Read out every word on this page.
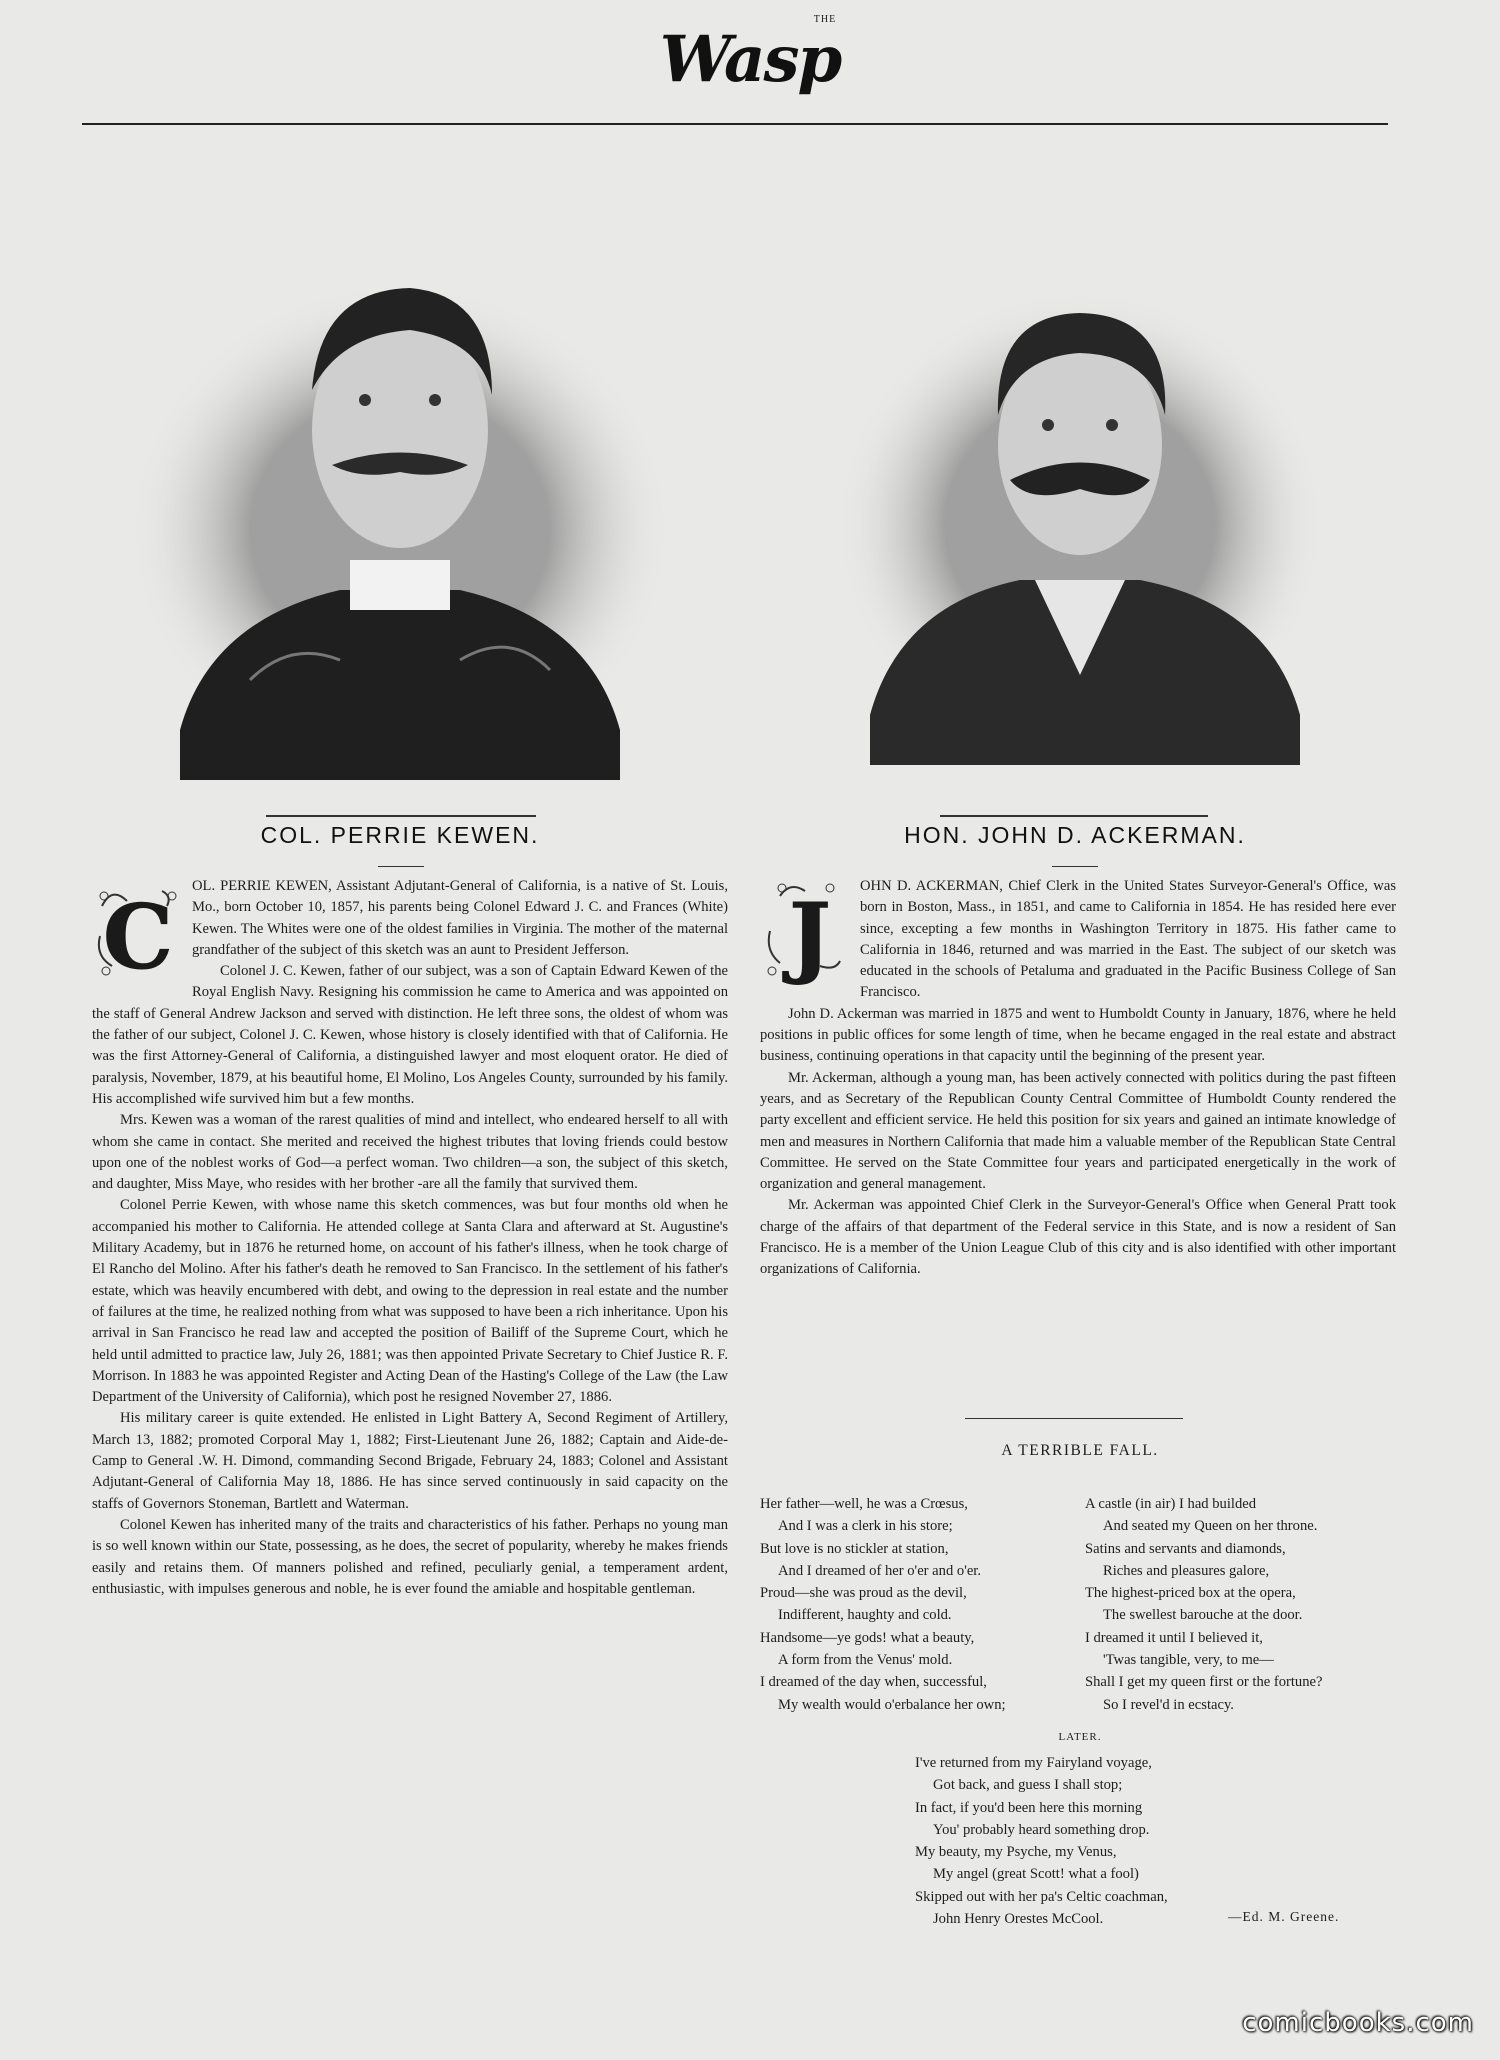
THE
Wasp
COL. PERRIE KEWEN.	HON. JOHN D. ACKERMAN.
C	OL. PERRIE KEWEN, Assistant Adjutant-General of California, is a native of St. Louis, Mo., born October 10, 1857, his parents being Colonel Edward J. C. and Frances (White) Kewen. The Whites were one of the oldest families in Virginia. The mother of the maternal grandfather of the subject of this sketch was an aunt to President Jefferson.

Colonel J. C. Kewen, father of our subject, was a son of Captain Edward Kewen of the Royal English Navy. Resigning his commission he came to America and was appointed on the staff of General Andrew Jackson and served with distinction. He left three sons, the oldest of whom was the father of our subject, Colonel J. C. Kewen, whose history is closely identified with that of California. He was the first Attorney-General of California, a distinguished lawyer and most eloquent orator. He died of paralysis, November, 1879, at his beautiful home, El Molino, Los Angeles County, surrounded by his family. His accomplished wife survived him but a few months.

Mrs. Kewen was a woman of the rarest qualities of mind and intellect, who endeared herself to all with whom she came in contact. She merited and received the highest tributes that loving friends could bestow upon one of the noblest works of God—a perfect woman. Two children—a son, the subject of this sketch, and daughter, Miss Maye, who resides with her brother -are all the family that survived them.

Colonel Perrie Kewen, with whose name this sketch commences, was but four months old when he accompanied his mother to California. He attended college at Santa Clara and afterward at St. Augustine's Military Academy, but in 1876 he returned home, on account of his father's illness, when he took charge of El Rancho del Molino. After his father's death he removed to San Francisco. In the settlement of his father's estate, which was heavily encumbered with debt, and owing to the depression in real estate and the number of failures at the time, he realized nothing from what was supposed to have been a rich inheritance. Upon his arrival in San Francisco he read law and accepted the position of Bailiff of the Supreme Court, which he held until admitted to practice law, July 26, 1881; was then appointed Private Secretary to Chief Justice R. F. Morrison. In 1883 he was appointed Register and Acting Dean of the Hasting's College of the Law (the Law Department of the University of California), which post he resigned November 27, 1886.

His military career is quite extended. He enlisted in Light Battery A, Second Regiment of Artillery, March 13, 1882; promoted Corporal May 1, 1882; First-Lieutenant June 26, 1882; Captain and Aide-de-Camp to General .W. H. Dimond, commanding Second Brigade, February 24, 1883; Colonel and Assistant Adjutant-General of California May 18, 1886. He has since served continuously in said capacity on the staffs of Governors Stoneman, Bartlett and Waterman.

Colonel Kewen has inherited many of the traits and characteristics of his father. Perhaps no young man is so well known within our State, possessing, as he does, the secret of popularity, whereby he makes friends easily and retains them. Of manners polished and refined, peculiarly genial, a temperament ardent, enthusiastic, with impulses generous and noble, he is ever found the amiable and hospitable gentleman.

J	OHN D. ACKERMAN, Chief Clerk in the United States Surveyor-General's Office, was born in Boston, Mass., in 1851, and came to California in 1854. He has resided here ever since, excepting a few months in Washington Territory in 1875. His father came to California in 1846, returned and was married in the East. The subject of our sketch was educated in the schools of Petaluma and graduated in the Pacific Business College of San Francisco.

John D. Ackerman was married in 1875 and went to Humboldt County in January, 1876, where he held positions in public offices for some length of time, when he became engaged in the real estate and abstract business, continuing operations in that capacity until the beginning of the present year.

Mr. Ackerman, although a young man, has been actively connected with politics during the past fifteen years, and as Secretary of the Republican County Central Committee of Humboldt County rendered the party excellent and efficient service. He held this position for six years and gained an intimate knowledge of men and measures in Northern California that made him a valuable member of the Republican State Central Committee. He served on the State Committee four years and participated energetically in the work of organization and general management.

Mr. Ackerman was appointed Chief Clerk in the Surveyor-General's Office when General Pratt took charge of the affairs of that department of the Federal service in this State, and is now a resident of San Francisco. He is a member of the Union League Club of this city and is also identified with other important organizations of California.

A TERRIBLE FALL.
Her father—well, he was a Crœsus,
And I was a clerk in his store;
But love is no stickler at station,
And I dreamed of her o'er and o'er.
Proud—she was proud as the devil,
Indifferent, haughty and cold.
Handsome—ye gods! what a beauty,
A form from the Venus' mold.
I dreamed of the day when, successful,
My wealth would o'erbalance her own;
A castle (in air) I had builded
And seated my Queen on her throne.
Satins and servants and diamonds,
Riches and pleasures galore,
The highest-priced box at the opera,
The swellest barouche at the door.
I dreamed it until I believed it,
'Twas tangible, very, to me—
Shall I get my queen first or the fortune?
So I revel'd in ecstacy.
LATER.
I've returned from my Fairyland voyage,
Got back, and guess I shall stop;
In fact, if you'd been here this morning
You' probably heard something drop.
My beauty, my Psyche, my Venus,
My angel (great Scott! what a fool)
Skipped out with her pa's Celtic coachman,
John Henry Orestes McCool.	—Ed. M. Greene.
comicbooks.com
